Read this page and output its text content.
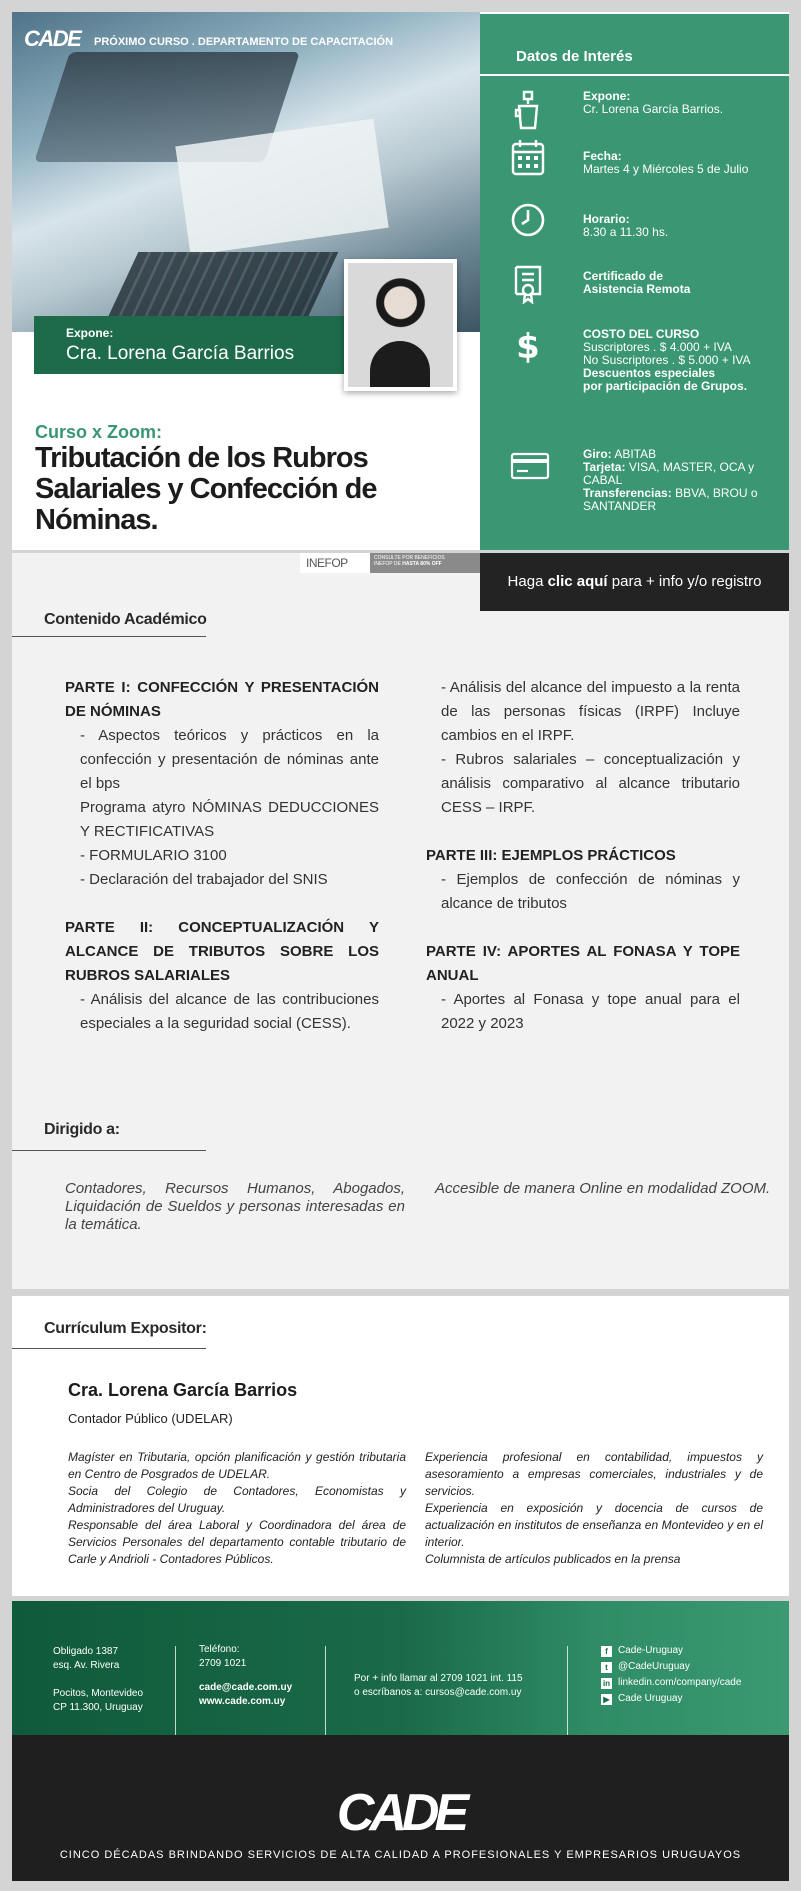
CADE PRÓXIMO CURSO . DEPARTAMENTO DE CAPACITACIÓN
Expone:
Cra. Lorena García Barrios
Curso x Zoom:
Tributación de los Rubros Salariales y Confección de Nóminas.
Datos de Interés
Expone:
Cr. Lorena García Barrios.
Fecha:
Martes 4 y Miércoles 5 de Julio
Horario:
8.30 a 11.30 hs.
Certificado de
Asistencia Remota
$	COSTO DEL CURSO
Suscriptores . $ 4.000 + IVA
No Suscriptores . $ 5.000 + IVA
Descuentos especiales
por participación de Grupos.
Giro: ABITAB
Tarjeta: VISA, MASTER, OCA y CABAL
Transferencias: BBVA, BROU o SANTANDER
INEFOP	CONSULTE POR BENEFICIOS
INEFOP DE HASTA 80% OFF
Haga clic aquí para + info y/o registro
Contenido Académico
PARTE I: CONFECCIÓN Y PRESENTACIÓN DE NÓMINAS
- Aspectos teóricos y prácticos en la confección y presentación de nóminas ante el bps
Programa atyro NÓMINAS DEDUCCIONES Y RECTIFICATIVAS
- FORMULARIO 3100
- Declaración del trabajador del SNIS
PARTE II: CONCEPTUALIZACIÓN Y ALCANCE DE TRIBUTOS SOBRE LOS RUBROS SALARIALES
- Análisis del alcance de las contribuciones especiales a la seguridad social (CESS).
- Análisis del alcance del impuesto a la renta de las personas físicas (IRPF) Incluye cambios en el IRPF.
- Rubros salariales – conceptualización y análisis comparativo al alcance tributario CESS – IRPF.
PARTE III: EJEMPLOS PRÁCTICOS
- Ejemplos de confección de nóminas y alcance de tributos
PARTE IV: APORTES AL FONASA Y TOPE ANUAL
- Aportes al Fonasa y tope anual para el 2022 y 2023
Dirigido a:
Contadores, Recursos Humanos, Abogados, Liquidación de Sueldos y personas interesadas en la temática.
Accesible de manera Online en modalidad ZOOM.
Currículum Expositor:
Cra. Lorena García Barrios
Contador Público (UDELAR)
Magíster en Tributaria, opción planificación y gestión tributaria en Centro de Posgrados de UDELAR.
Socia del Colegio de Contadores, Economistas y Administradores del Uruguay.
Responsable del área Laboral y Coordinadora del área de Servicios Personales del departamento contable tributario de Carle y Andrioli - Contadores Públicos.
Experiencia profesional en contabilidad, impuestos y asesoramiento a empresas comerciales, industriales y de servicios.
Experiencia en exposición y docencia de cursos de actualización en institutos de enseñanza en Montevideo y en el interior.
Columnista de artículos publicados en la prensa
Obligado 1387
esq. Av. Rivera
Pocitos, Montevideo
CP 11.300, Uruguay
Teléfono:
2709 1021
cade@cade.com.uy
www.cade.com.uy
Por + info llamar al 2709 1021 int. 115
o escríbanos a: cursos@cade.com.uy
f	Cade-Uruguay
t	@CadeUruguay
in linkedin.com/company/cade
▶ Cade Uruguay
CADE
CINCO DÉCADAS BRINDANDO SERVICIOS DE ALTA CALIDAD A PROFESIONALES Y EMPRESARIOS URUGUAYOS
